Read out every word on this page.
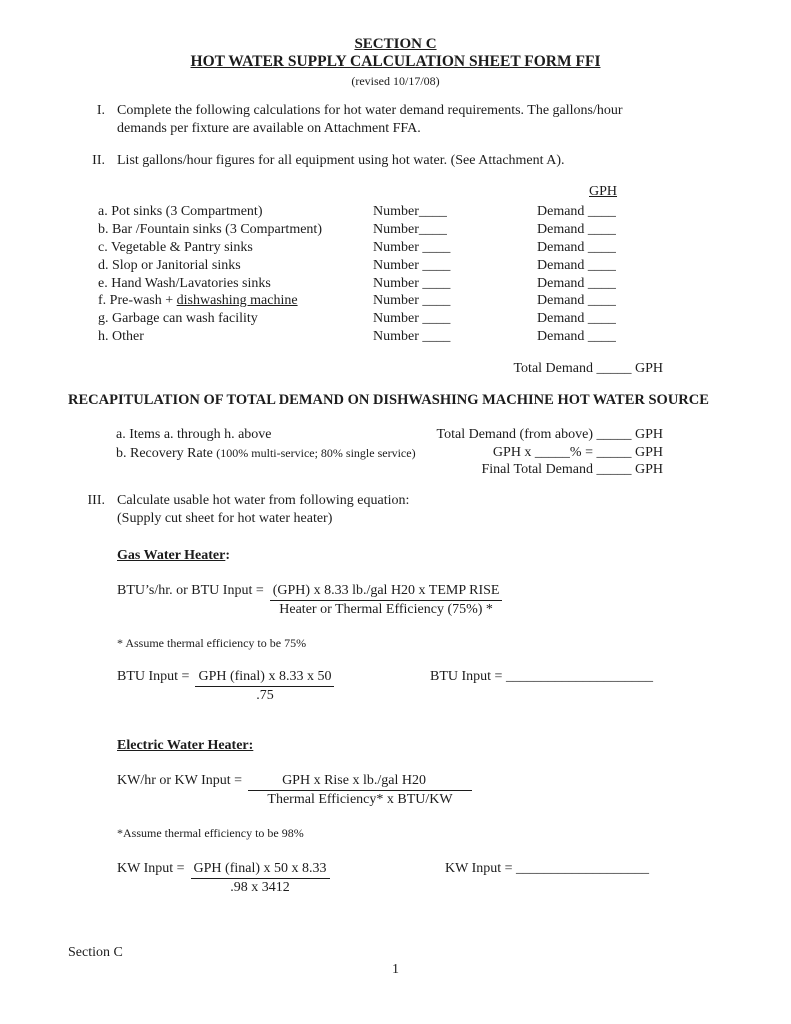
SECTION C
HOT WATER SUPPLY CALCULATION SHEET FORM FFI
(revised 10/17/08)
I. Complete the following calculations for hot water demand requirements. The gallons/hour
demands per fixture are available on Attachment FFA.
II. List gallons/hour figures for all equipment using hot water. (See Attachment A).
GPH
a. Pot sinks (3 Compartment)	Number____	Demand ____
b. Bar /Fountain sinks (3 Compartment)	Number____	Demand ____
c. Vegetable & Pantry sinks	Number ____	Demand ____
d. Slop or Janitorial sinks	Number ____	Demand ____
e. Hand Wash/Lavatories sinks	Number ____	Demand ____
f. Pre-wash + dishwashing machine	Number ____	Demand ____
g. Garbage can wash facility	Number ____	Demand ____
h. Other	Number ____	Demand ____
Total Demand _____ GPH
RECAPITULATION OF TOTAL DEMAND ON DISHWASHING MACHINE HOT WATER SOURCE
a. Items a. through h. above	Total Demand (from above) _____ GPH
b. Recovery Rate (100% multi-service; 80% single service)	GPH x _____% = _____ GPH
Final Total Demand _____ GPH
III. Calculate usable hot water from following equation:
(Supply cut sheet for hot water heater)
Gas Water Heater:
BTU’s/hr. or BTU Input = $\frac{\text{(GPH) x 8.33 lb./gal H20 x TEMP RISE}}{\text{Heater or Thermal Efficiency (75\%) *}}$
* Assume thermal efficiency to be 75%
BTU Input = $\frac{\text{GPH (final) x 8.33 x 50}}{.75}$	BTU Input = _____________________
Electric Water Heater:
KW/hr or KW Input = $\frac{\text{GPH x Rise x lb./gal H20}}{\text{Thermal Efficiency* x BTU/KW}}$
*Assume thermal efficiency to be 98%
KW Input = $\frac{\text{GPH (final) x 50 x 8.33}}{.98 x 3412}$	KW Input = ___________________
Section C
1
